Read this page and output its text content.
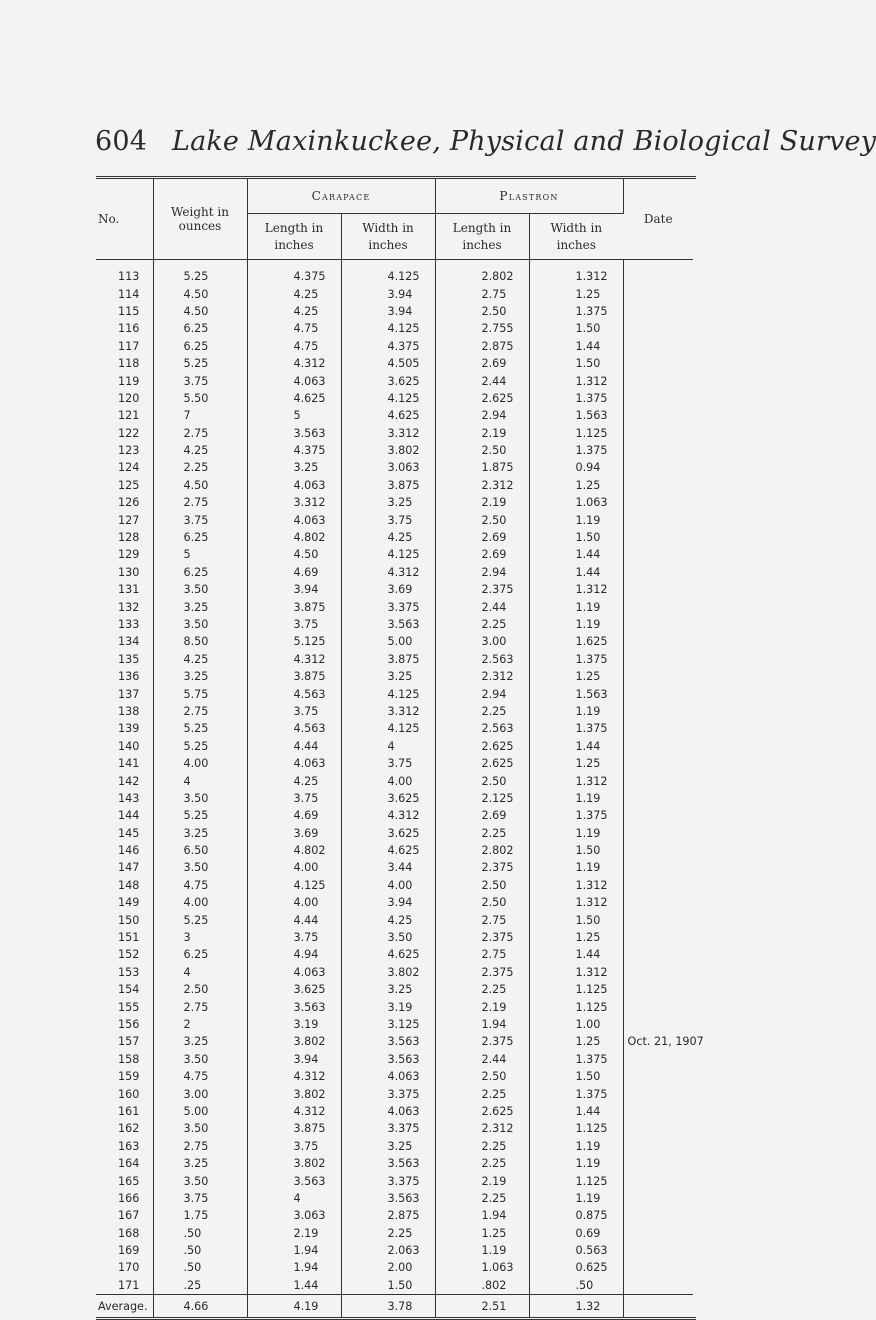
604 Lake Maxinkuckee, Physical and Biological Survey
No.	Weight in ounces	Carapace		Plastron		Date
		Length in inches	Width in inches	Length in inches	Width in inches	
113	5.25	4.375	4.125	2.802	1.312	
114	4.50	4.25	3.94	2.75	1.25	
115	4.50	4.25	3.94	2.50	1.375	
116	6.25	4.75	4.125	2.755	1.50	
117	6.25	4.75	4.375	2.875	1.44	
118	5.25	4.312	4.505	2.69	1.50	
119	3.75	4.063	3.625	2.44	1.312	
120	5.50	4.625	4.125	2.625	1.375	
121	7	5	4.625	2.94	1.563	
122	2.75	3.563	3.312	2.19	1.125	
123	4.25	4.375	3.802	2.50	1.375	
124	2.25	3.25	3.063	1.875	0.94	
125	4.50	4.063	3.875	2.312	1.25	
126	2.75	3.312	3.25	2.19	1.063	
127	3.75	4.063	3.75	2.50	1.19	
128	6.25	4.802	4.25	2.69	1.50	
129	5	4.50	4.125	2.69	1.44	
130	6.25	4.69	4.312	2.94	1.44	
131	3.50	3.94	3.69	2.375	1.312	
132	3.25	3.875	3.375	2.44	1.19	
133	3.50	3.75	3.563	2.25	1.19	
134	8.50	5.125	5.00	3.00	1.625	
135	4.25	4.312	3.875	2.563	1.375	
136	3.25	3.875	3.25	2.312	1.25	
137	5.75	4.563	4.125	2.94	1.563	
138	2.75	3.75	3.312	2.25	1.19	
139	5.25	4.563	4.125	2.563	1.375	
140	5.25	4.44	4	2.625	1.44	
141	4.00	4.063	3.75	2.625	1.25	
142	4	4.25	4.00	2.50	1.312	
143	3.50	3.75	3.625	2.125	1.19	
144	5.25	4.69	4.312	2.69	1.375	
145	3.25	3.69	3.625	2.25	1.19	
146	6.50	4.802	4.625	2.802	1.50	
147	3.50	4.00	3.44	2.375	1.19	
148	4.75	4.125	4.00	2.50	1.312	
149	4.00	4.00	3.94	2.50	1.312	
150	5.25	4.44	4.25	2.75	1.50	
151	3	3.75	3.50	2.375	1.25	
152	6.25	4.94	4.625	2.75	1.44	
153	4	4.063	3.802	2.375	1.312	
154	2.50	3.625	3.25	2.25	1.125	
155	2.75	3.563	3.19	2.19	1.125	
156	2	3.19	3.125	1.94	1.00	
157	3.25	3.802	3.563	2.375	1.25	Oct. 21, 1907
158	3.50	3.94	3.563	2.44	1.375	
159	4.75	4.312	4.063	2.50	1.50	
160	3.00	3.802	3.375	2.25	1.375	
161	5.00	4.312	4.063	2.625	1.44	
162	3.50	3.875	3.375	2.312	1.125	
163	2.75	3.75	3.25	2.25	1.19	
164	3.25	3.802	3.563	2.25	1.19	
165	3.50	3.563	3.375	2.19	1.125	
166	3.75	4	3.563	2.25	1.19	
167	1.75	3.063	2.875	1.94	0.875	
168	.50	2.19	2.25	1.25	0.69	
169	.50	1.94	2.063	1.19	0.563	
170	.50	1.94	2.00	1.063	0.625	
171	.25	1.44	1.50	.802	.50	
Average.	4.66	4.19	3.78	2.51	1.32	
